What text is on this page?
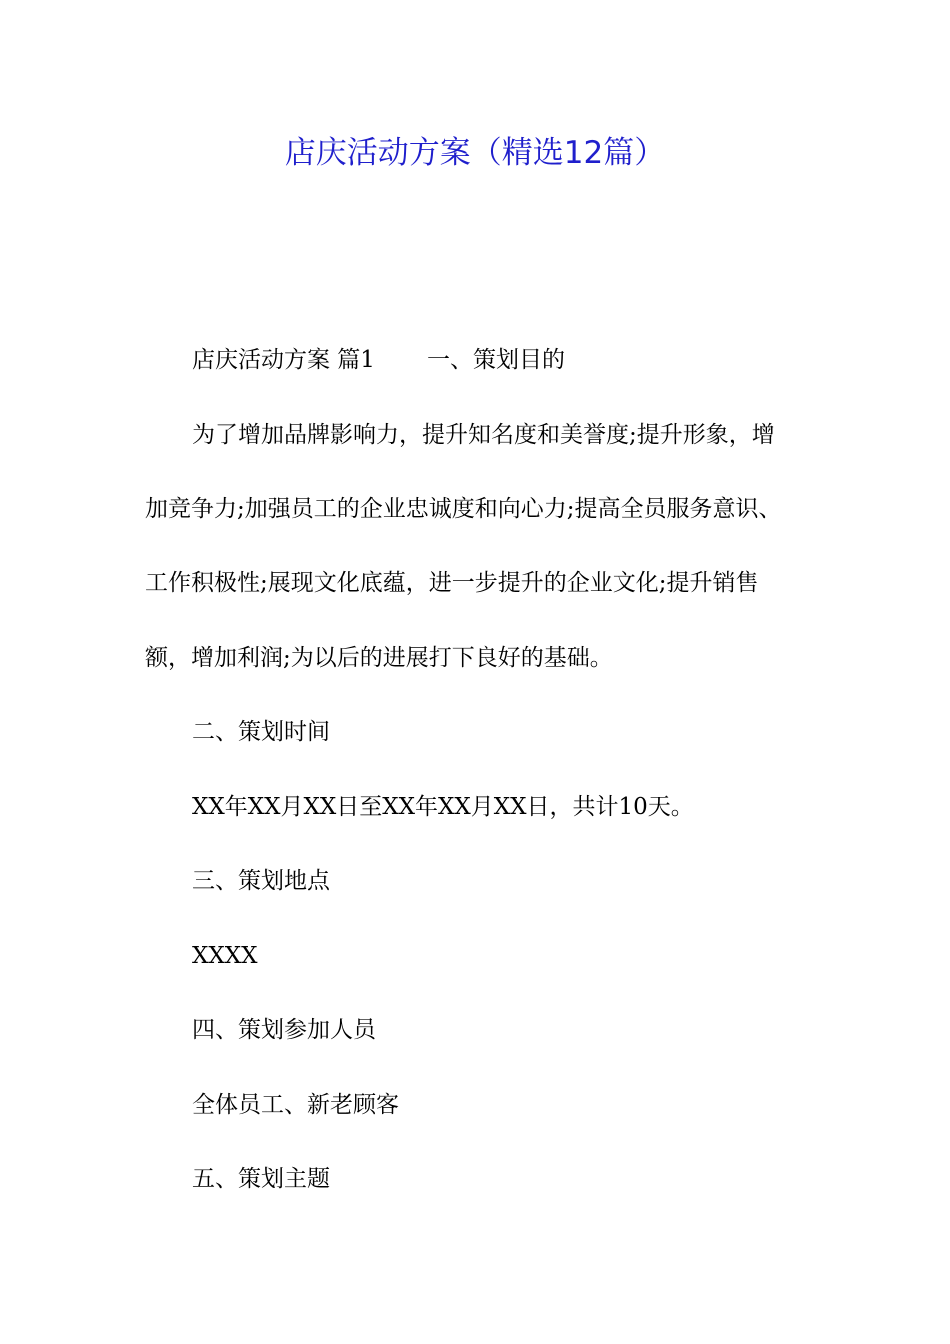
店庆活动方案（精选12篇）
店庆活动方案 篇1 一、策划目的
为了增加品牌影响力，提升知名度和美誉度;提升形象，增
加竞争力;加强员工的企业忠诚度和向心力;提高全员服务意识、
工作积极性;展现文化底蕴，进一步提升的企业文化;提升销售
额，增加利润;为以后的进展打下良好的基础。
二、策划时间
XX年XX月XX日至XX年XX月XX日，共计10天。
三、策划地点
XXXX
四、策划参加人员
全体员工、新老顾客
五、策划主题
